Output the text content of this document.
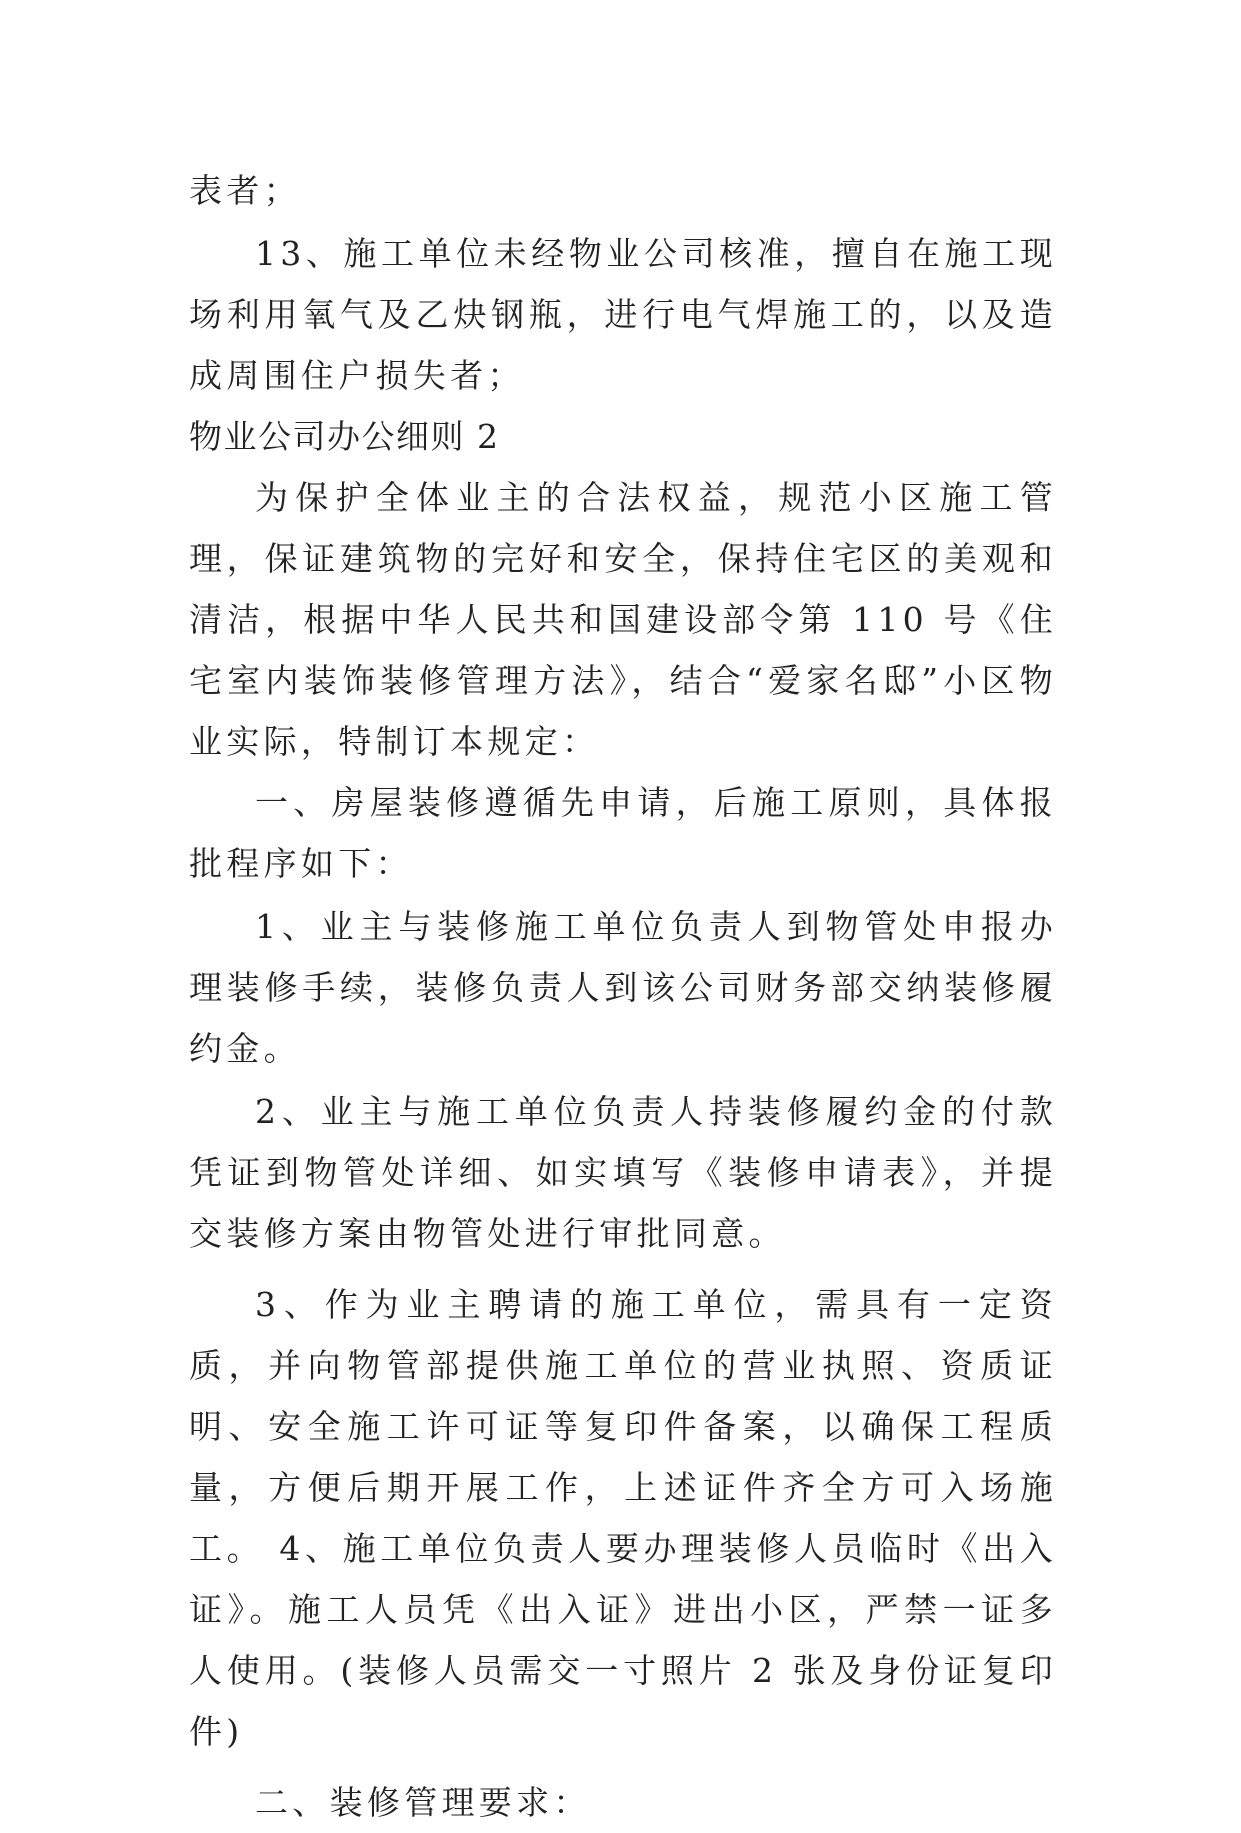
表者；

13、施工单位未经物业公司核准，擅自在施工现场利用氧气及乙炔钢瓶，进行电气焊施工的，以及造成周围住户损失者；

物业公司办公细则 2

为保护全体业主的合法权益，规范小区施工管理，保证建筑物的完好和安全，保持住宅区的美观和清洁，根据中华人民共和国建设部令第 110 号《住宅室内装饰装修管理方法》，结合“爱家名邸”小区物业实际，特制订本规定：

一、房屋装修遵循先申请，后施工原则，具体报批程序如下：

1、业主与装修施工单位负责人到物管处申报办理装修手续，装修负责人到该公司财务部交纳装修履约金。

2、业主与施工单位负责人持装修履约金的付款凭证到物管处详细、如实填写《装修申请表》，并提交装修方案由物管处进行审批同意。

3、作为业主聘请的施工单位，需具有一定资质，并向物管部提供施工单位的营业执照、资质证明、安全施工许可证等复印件备案，以确保工程质量，方便后期开展工作，上述证件齐全方可入场施工。 4、施工单位负责人要办理装修人员临时《出入证》。施工人员凭《出入证》进出小区，严禁一证多人使用。(装修人员需交一寸照片 2 张及身份证复印件)

二、装修管理要求：
